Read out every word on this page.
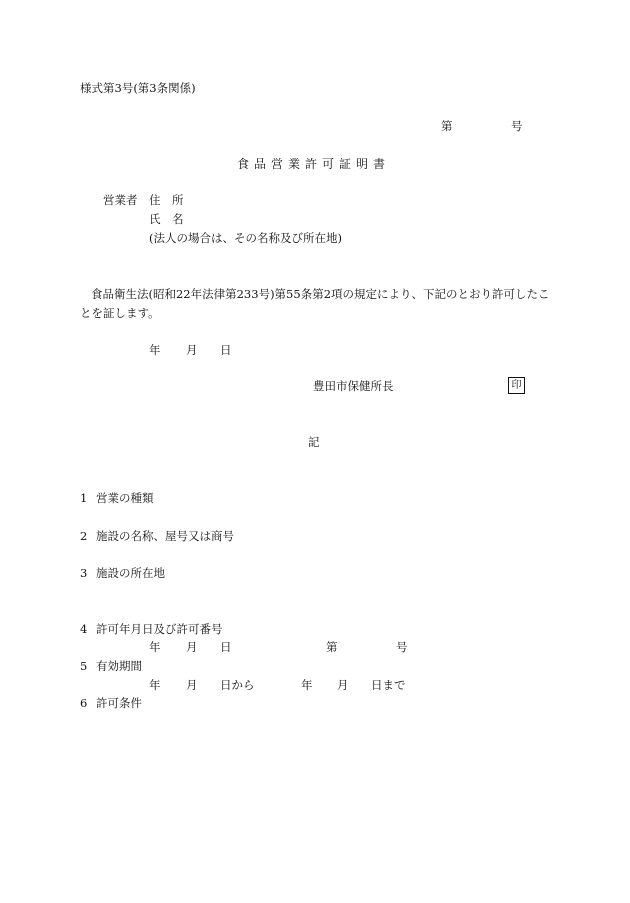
様式第3号(第3条関係)
第	号
食品営業許可証明書
営業者 住　所
氏　名
(法人の場合は、その名称及び所在地)
食品衛生法(昭和22年法律第233号)第55条第2項の規定により、下記のとおり許可したこ
とを証します。
年 月 日
豊田市保健所長	印
記
1 営業の種類
2 施設の名称、屋号又は商号
3 施設の所在地
4 許可年月日及び許可番号
年 月 日	第	号
5 有効期間
年 月 日から	年 月 日まで
6 許可条件
